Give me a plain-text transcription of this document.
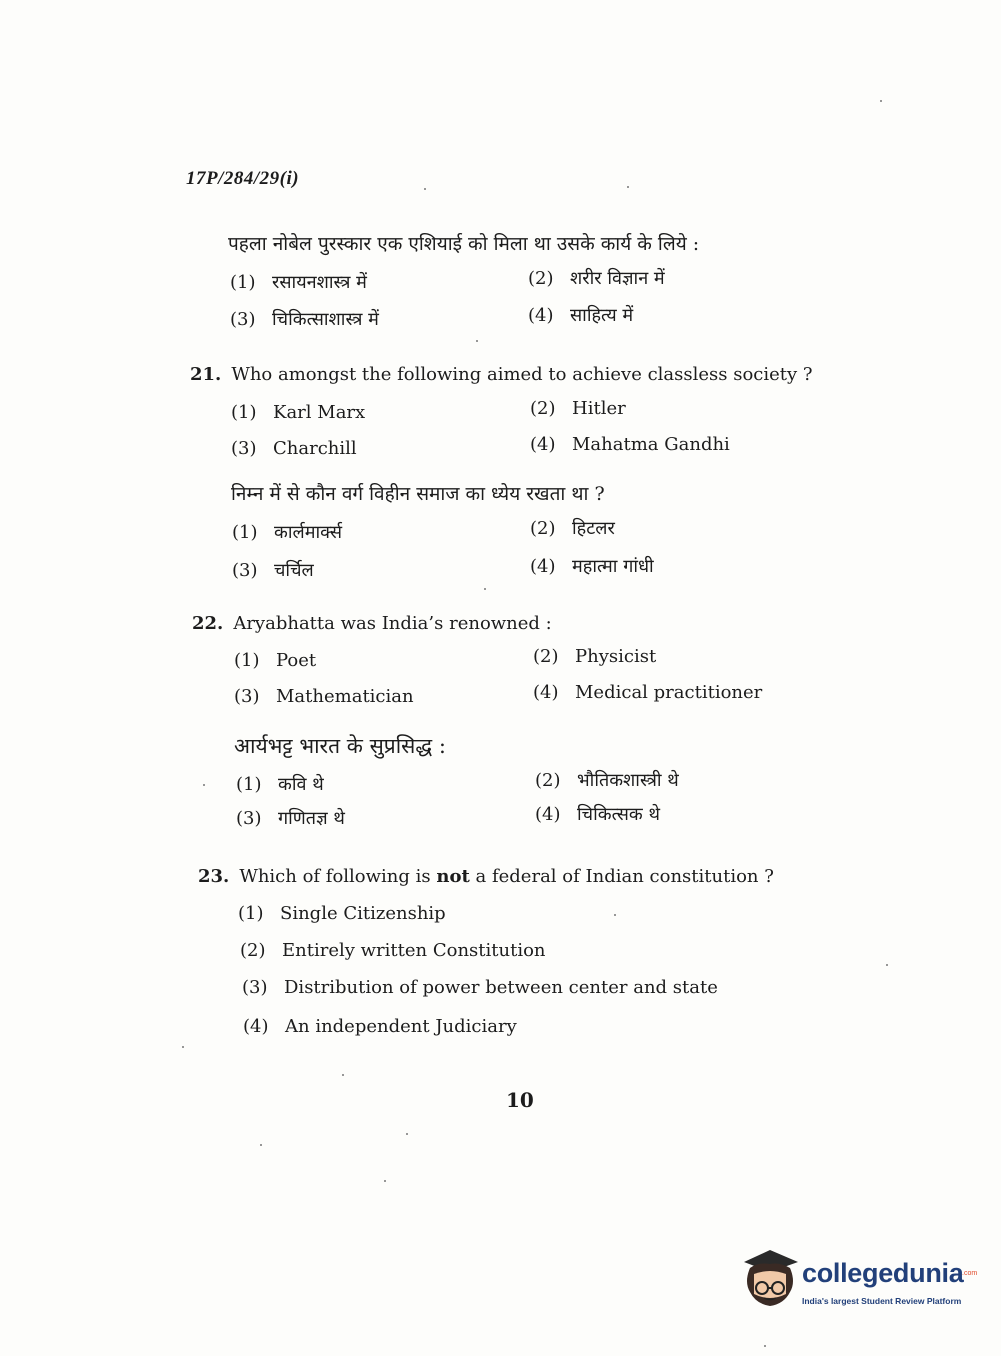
17P/284/29(i)
पहला नोबेल पुरस्कार एक एशियाई को मिला था उसके कार्य के लिये :
(1) रसायनशास्त्र में	(2) शरीर विज्ञान में
(3) चिकित्साशास्त्र में	(4) साहित्य में
21. Who amongst the following aimed to achieve classless society ?
(1) Karl Marx	(2) Hitler
(3) Charchill	(4) Mahatma Gandhi
निम्न में से कौन वर्ग विहीन समाज का ध्येय रखता था ?
(1) कार्लमार्क्स	(2) हिटलर
(3) चर्चिल	(4) महात्मा गांधी
22. Aryabhatta was India’s renowned :
(1) Poet	(2) Physicist
(3) Mathematician	(4) Medical practitioner
आर्यभट्ट भारत के सुप्रसिद्ध :
(1) कवि थे	(2) भौतिकशास्त्री थे
(3) गणितज्ञ थे	(4) चिकित्सक थे
23. Which of following is not a federal of Indian constitution ?
(1) Single Citizenship
(2) Entirely written Constitution
(3) Distribution of power between center and state
(4) An independent Judiciary
10
collegedunia
.com
India's largest Student Review Platform
